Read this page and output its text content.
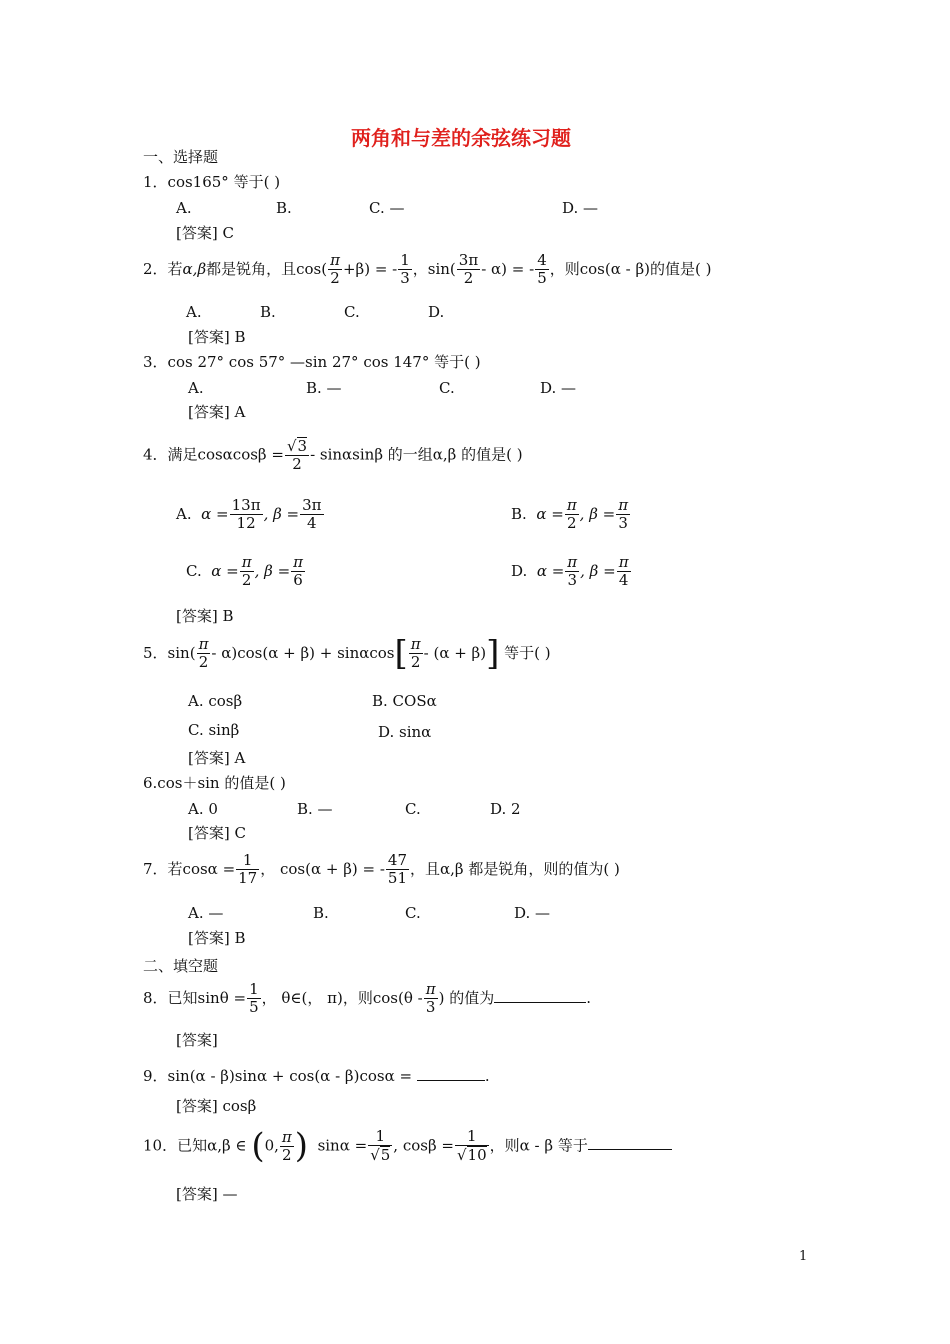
两角和与差的余弦练习题
一、选择题
1．cos165° 等于( )
A.	B.	C. —	D. —
[答案] C
2．若α,β都是锐角，且$\cos( \frac{\pi}{2} +\beta)$ = - $\frac{1}{3}$ ，$\sin( \frac{3\pi}{2} - \alpha)$ = - $\frac{4}{5}$ ，则cos(α - β)的值是( )
A.	B.	C.	D.
[答案] B
3．cos 27° cos 57° —sin 27° cos 147° 等于( )
A.	B. —	C.	D. —
[答案] A
4．满足$\cos\alpha\cos\beta = \frac{√3}{2} - \sin\alpha\sin\beta$ 的一组α,β 的值是( )
A. $\alpha = \frac{13\pi}{12}$ , $\beta = \frac{3\pi}{4}$	B. $\alpha = \frac{\pi}{2}$ , $\beta = \frac{\pi}{3}$
C. $\alpha = \frac{\pi}{2}$ , $\beta = \frac{\pi}{6}$	D. $\alpha = \frac{\pi}{3}$ , $\beta = \frac{\pi}{4}$
[答案] B
5．$\sin( \frac{\pi}{2} - \alpha)\cos(\alpha + \beta) + \sin\alpha\cos[ \frac{\pi}{2} - (\alpha + \beta)]$ 等于( )
A. cosβ	B. COSα
C. sinβ	D. sinα
[答案] A
6.cos＋sin 的值是( )
A. 0	B. —	C.	D. 2
[答案] C
7．若$\cos\alpha = \frac{1}{17}$ ， cos(α + β) = - $\frac{47}{51}$ ，且α,β 都是锐角，则的值为( )
A. —	B.	C.	D. —
[答案] B
二、填空题
8．已知$\sin\theta = \frac{1}{5}$ ， θ∈(， π)，则$\cos(\theta - \frac{\pi}{3}$ ) 的值为	.
[答案]
9．sin(α - β)sinα + cos(α - β)cosα =	.
[答案] cosβ
10．已知α,β ∈ (0, $\frac{\pi}{2}$ ) $\sin\alpha = \frac{1}{√5}$ , $\cos\beta = \frac{1}{√10}$ ，则α - β 等于
[答案] —
1
